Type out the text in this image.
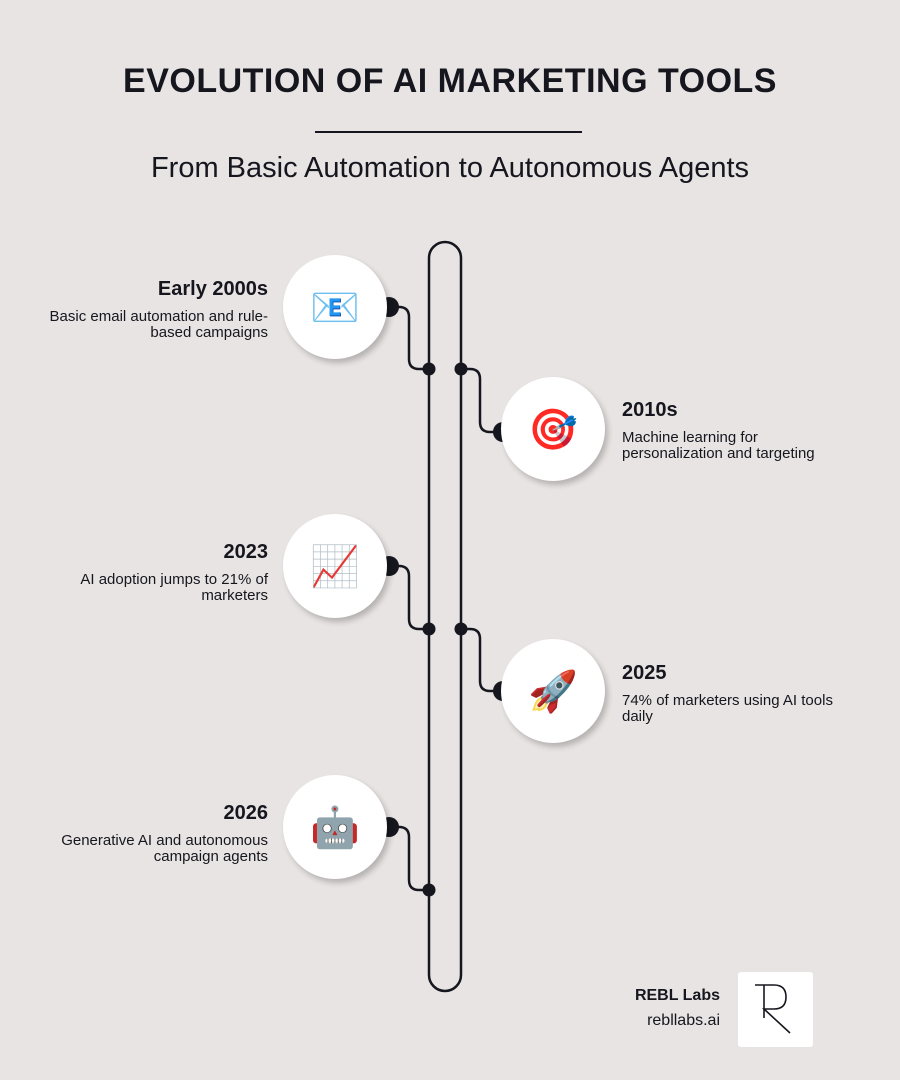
EVOLUTION OF AI MARKETING TOOLS
From Basic Automation to Autonomous Agents
📧

Early 2000s

Basic email automation and rule-based campaigns

🎯 2010s

Machine learning for personalization and targeting

📈

2023

AI adoption jumps to 21% of marketers

🚀 2025

74% of marketers using AI tools daily

🤖

2026

Generative AI and autonomous campaign agents

REBL Labs
rebllabs.ai
